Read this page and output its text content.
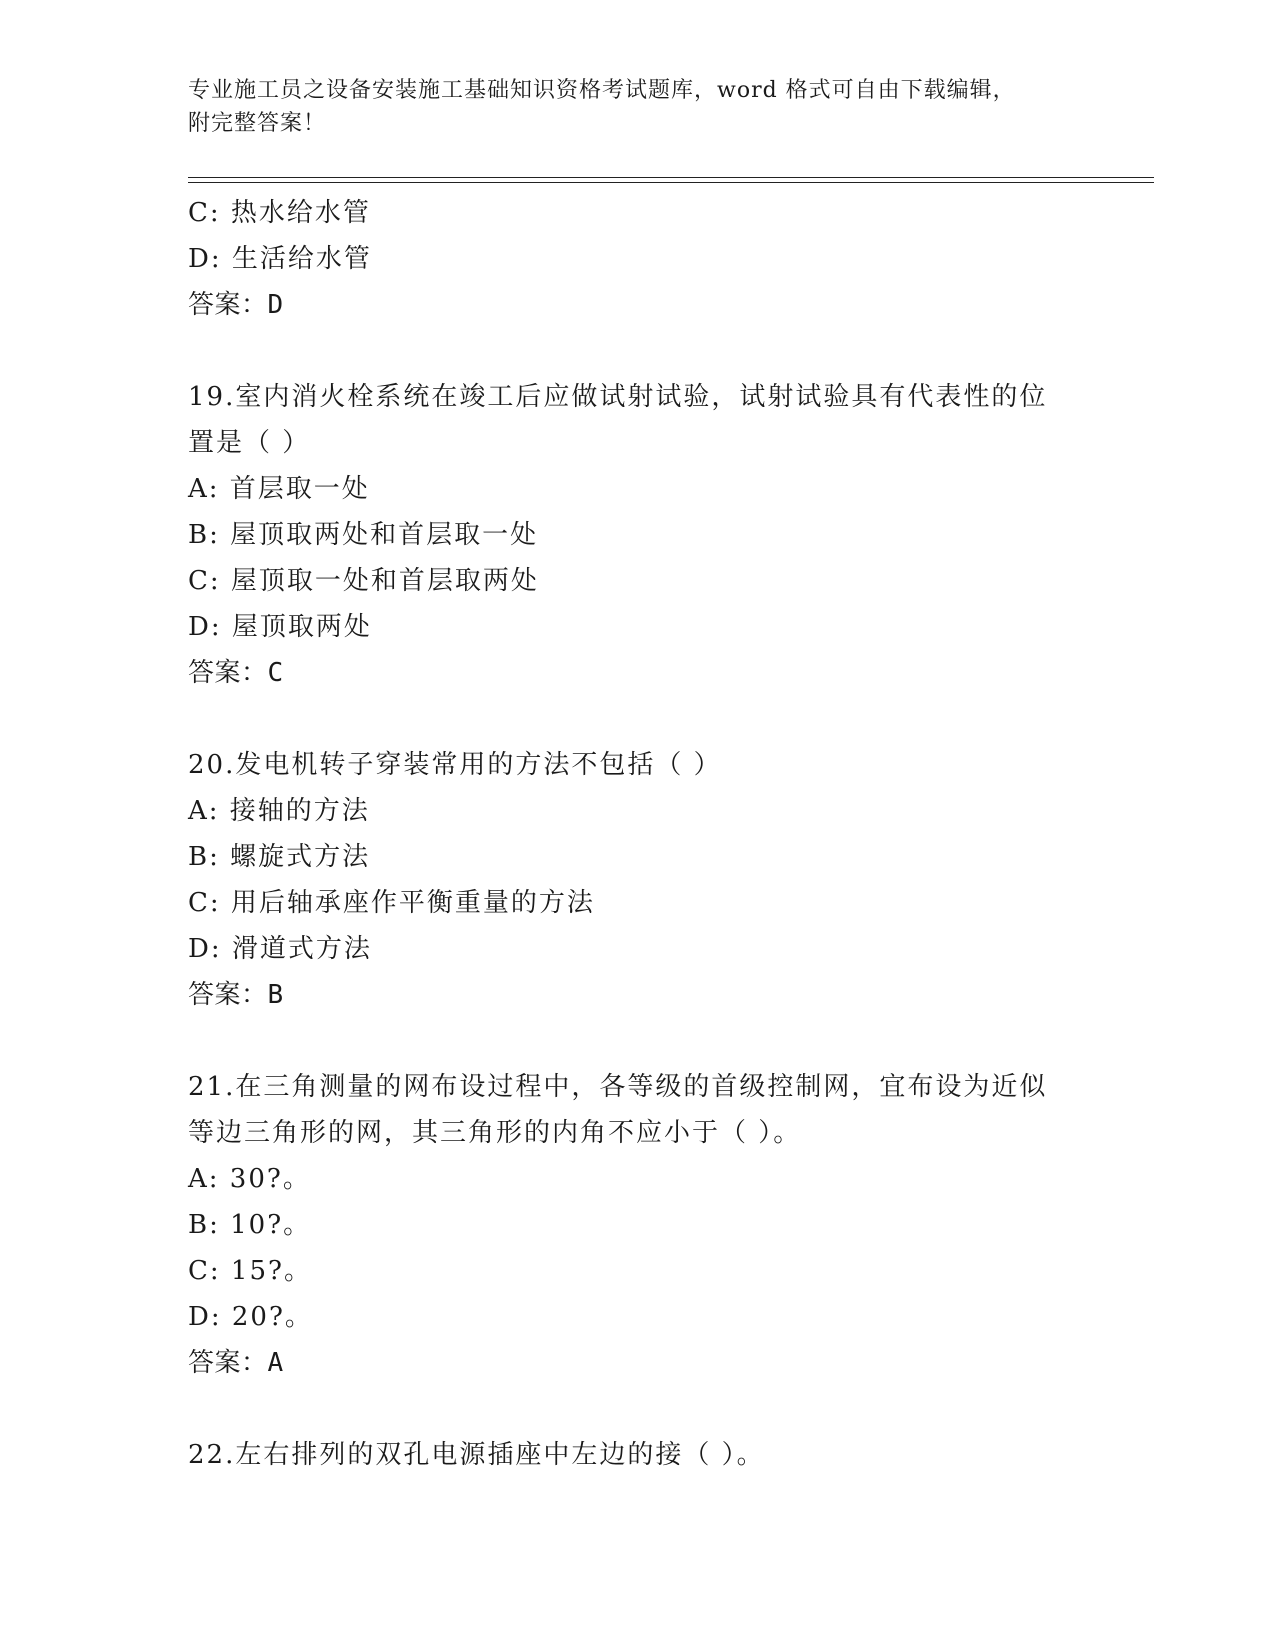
专业施工员之设备安装施工基础知识资格考试题库，word 格式可自由下载编辑，
附完整答案！
C: 热水给水管
D: 生活给水管
答案：D
19.室内消火栓系统在竣工后应做试射试验，试射试验具有代表性的位
置是（ ）
A: 首层取一处
B: 屋顶取两处和首层取一处
C: 屋顶取一处和首层取两处
D: 屋顶取两处
答案：C
20.发电机转子穿装常用的方法不包括（ ）
A: 接轴的方法
B: 螺旋式方法
C: 用后轴承座作平衡重量的方法
D: 滑道式方法
答案：B
21.在三角测量的网布设过程中，各等级的首级控制网，宜布设为近似
等边三角形的网，其三角形的内角不应小于（ ）。
A: 30?。
B: 10?。
C: 15?。
D: 20?。
答案：A
22.左右排列的双孔电源插座中左边的接（ ）。
